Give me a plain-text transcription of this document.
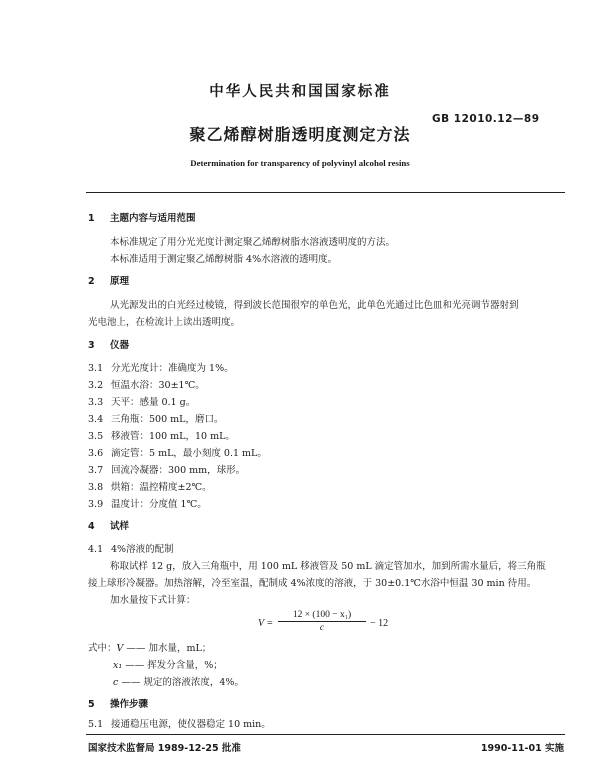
中华人民共和国国家标准
GB 12010.12—89
聚乙烯醇树脂透明度测定方法
Determination for transparency of polyvinyl alcohol resins
1 主题内容与适用范围
本标准规定了用分光光度计测定聚乙烯醇树脂水溶液透明度的方法。
本标准适用于测定聚乙烯醇树脂 4%水溶液的透明度。
2 原理
从光源发出的白光经过棱镜，得到波长范围很窄的单色光，此单色光通过比色皿和光亮调节器射到
光电池上，在检流计上读出透明度。
3 仪器
3.1 分光光度计：准确度为 1%。
3.2 恒温水浴：30±1℃。
3.3 天平：感量 0.1 g。
3.4 三角瓶：500 mL，磨口。
3.5 移液管：100 mL，10 mL。
3.6 滴定管：5 mL，最小刻度 0.1 mL。
3.7 回流冷凝器：300 mm，球形。
3.8 烘箱：温控精度±2℃。
3.9 温度计：分度值 1℃。
4 试样
4.1 4%溶液的配制
称取试样 12 g，放入三角瓶中，用 100 mL 移液管及 50 mL 滴定管加水，加到所需水量后，将三角瓶
接上球形冷凝器。加热溶解，冷至室温，配制成 4%浓度的溶液，于 30±0.1℃水浴中恒温 30 min 待用。
加水量按下式计算：
V =
12 × (100 − x₁)
c	− 12
式中：V —— 加水量，mL；
x₁ —— 挥发分含量，%；
c —— 规定的溶液浓度，4%。
5 操作步骤
5.1 接通稳压电源，使仪器稳定 10 min。
国家技术监督局 1989-12-25 批准	1990-11-01 实施
